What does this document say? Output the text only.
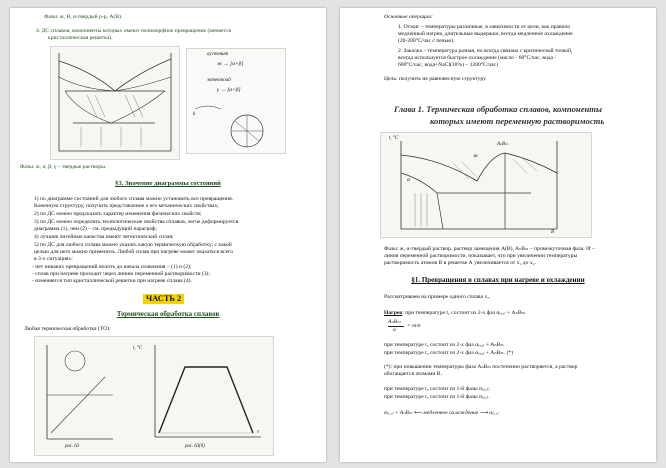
Фазы: ж, В, α-твердый р-р, A(В).
4. ДС сплавов, компоненты которых имеют полиморфное превращение (меняется
кристаллическая решетка).
аустенит
ж → [α+β]
эвтектоид
γ → [α+β]
k
Фазы: ж, α, β, γ – твердые растворы.
§3. Значение диаграммы состояний
1) по диаграмме состояний для любого сплава можно установить все превращения.
Конечную структуру, получить представление о его механических свойствах;
2) по ДС можно предсказать характер изменения физических свойств;
3) по ДС можно определить технологические свойства сплавов, легче деформируется
диаграмма (1), чем (2) – см. предыдущий параграф;
4) лучшие литейные качества имеют эвтектический сплав;
5) по ДС для любого сплава можно указать какую термическую обработку; с какой
целью для него можно применить. Любой сплав при нагреве может оказаться всего
в 3-х ситуациях:
- нет никаких превращений вплоть до начала плавления – (1) и (2);
- сплав при нагреве проходит через линию переменной растворимости (3);
- изменяется тип кристаллической решетки при нагреве сплава (4).
ЧАСТЬ 2
Термическая обработка сплавов
Любая термическая обработка (ТО):
t, °C
τ
рис. 63	рис. 63(б)
Основные операции:
1. Отжиг – температуры различные, в зависимости от цели, как правило
медленный нагрев, длительные выдержки, всегда медленное охлаждение
(20-200°С/час с печью).
2. Закалка – температура разная, но всегда связана с критической точкой,
всегда используется быстрое охлаждение (масло - 60°С/час, вода -
600°С/час, вода+NaCl(10%) – 1200°С/час)
Цель: получить не равновесную структуру.
Глава 1. Термическая обработка сплавов, компоненты
которых имеют переменную растворимость
t, °C
α
B
AₙBₘ
ж
Фазы: ж, α-твердый раствор, раствор замещения A(B), AₙBₘ – промежуточная фаза. 0f –
линия переменной растворимости, показывает, что при увеличении температуры
растворимость атомов В в решетке А увеличивается от x₁ до x₂.
§1. Превращения в сплавах при нагреве и охлаждении
Рассматриваем на примере одного сплава x₁.
Нагрев: при температуре t₁ состоит из 2-х фаз α₍ₓ₁₎ + AₙBₘ
AₙBₘ
a
= m/n
при температуре t₂ состоит из 2-х фаз α₍ₓ₂₎ + AₙBₘ
при температуре t₃ состоит из 2-х фаз α₍ₓ₃₎ + AₙBₘ. (*)
(*): при повышении температуры фаза AₙBₘ постепенно растворяется, а раствор
обогащается атомами В.
при температуре t₄ состоит из 1-й фазы α₍ₓ₁₎;
при температуре t₅ состоит из 1-й фазы α₍ₓ₁₎.
α₍ₓ₁₎ + AₙBₘ ⟵ медленное охлаждение ⟶ α₍ₓ₁₎
